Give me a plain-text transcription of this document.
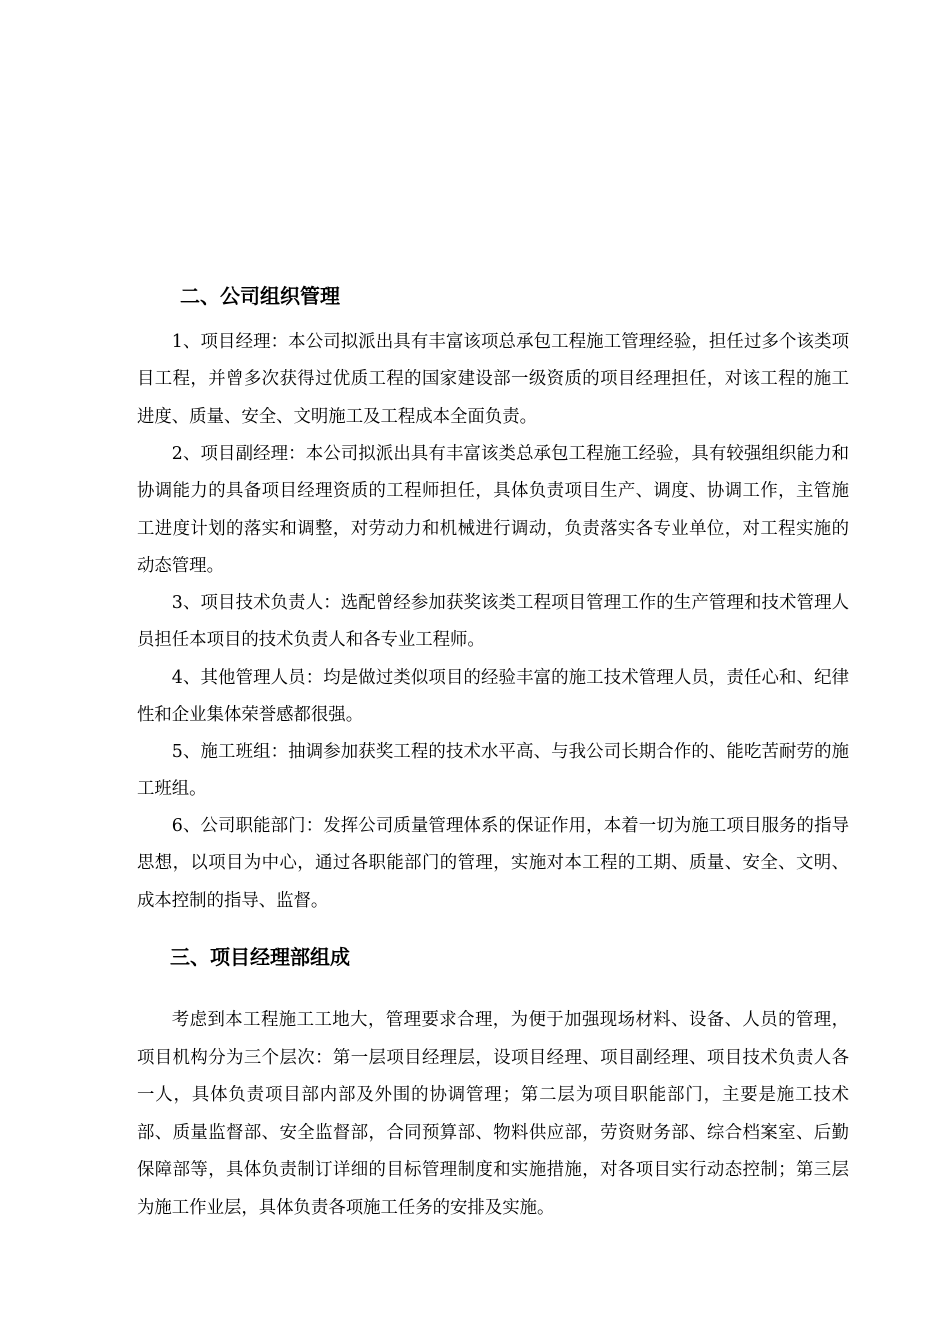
二、公司组织管理

1、项目经理：本公司拟派出具有丰富该项总承包工程施工管理经验，担任过多个该类项目工程，并曾多次获得过优质工程的国家建设部一级资质的项目经理担任，对该工程的施工进度、质量、安全、文明施工及工程成本全面负责。

2、项目副经理：本公司拟派出具有丰富该类总承包工程施工经验，具有较强组织能力和协调能力的具备项目经理资质的工程师担任，具体负责项目生产、调度、协调工作，主管施工进度计划的落实和调整，对劳动力和机械进行调动，负责落实各专业单位，对工程实施的动态管理。

3、项目技术负责人：选配曾经参加获奖该类工程项目管理工作的生产管理和技术管理人员担任本项目的技术负责人和各专业工程师。

4、其他管理人员：均是做过类似项目的经验丰富的施工技术管理人员，责任心和、纪律性和企业集体荣誉感都很强。

5、施工班组：抽调参加获奖工程的技术水平高、与我公司长期合作的、能吃苦耐劳的施工班组。

6、公司职能部门：发挥公司质量管理体系的保证作用，本着一切为施工项目服务的指导思想，以项目为中心，通过各职能部门的管理，实施对本工程的工期、质量、安全、文明、成本控制的指导、监督。

三、项目经理部组成

考虑到本工程施工工地大，管理要求合理，为便于加强现场材料、设备、人员的管理，项目机构分为三个层次：第一层项目经理层，设项目经理、项目副经理、项目技术负责人各一人，具体负责项目部内部及外围的协调管理；第二层为项目职能部门，主要是施工技术部、质量监督部、安全监督部，合同预算部、物料供应部，劳资财务部、综合档案室、后勤保障部等，具体负责制订详细的目标管理制度和实施措施，对各项目实行动态控制；第三层为施工作业层，具体负责各项施工任务的安排及实施。
